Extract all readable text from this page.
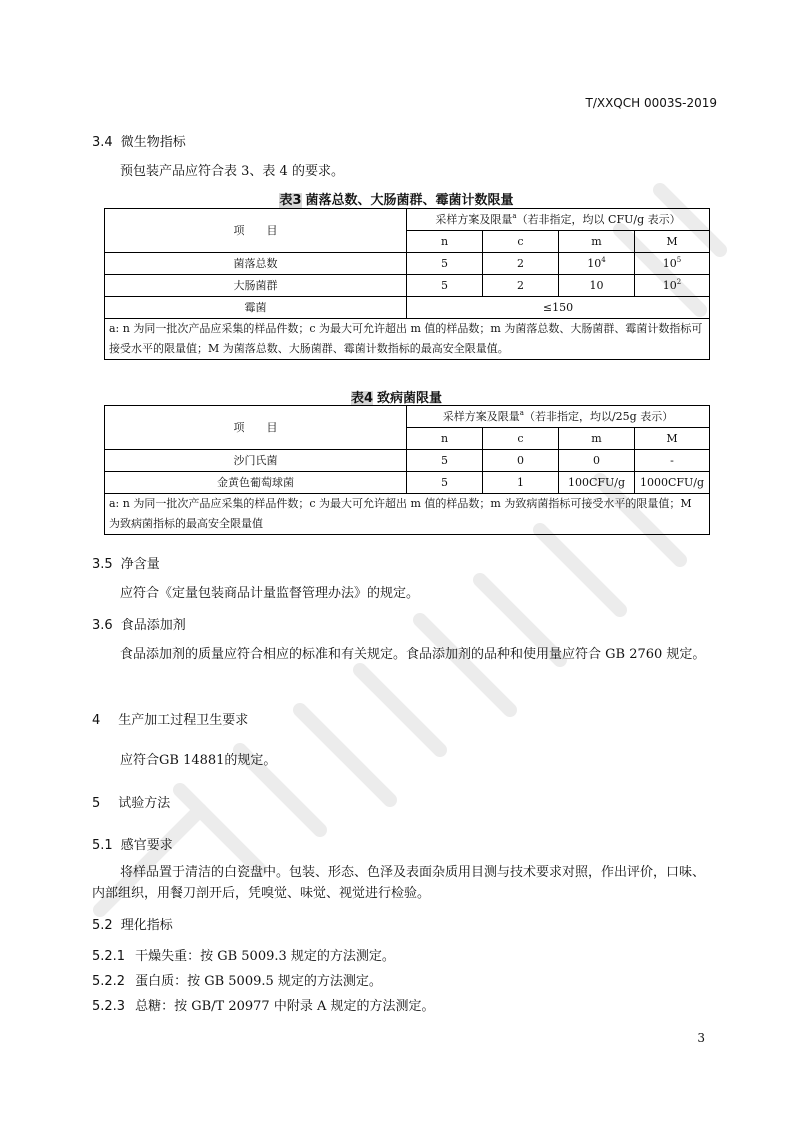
T/XXQCH 0003S-2019
3.4 微生物指标
预包装产品应符合表 3、表 4 的要求。
表3 菌落总数、大肠菌群、霉菌计数限量
项　　目	采样方案及限量$^a$（若非指定，均以 CFU/g 表示）			
	n	c	m	M
菌落总数	5	2	$10^4$	$10^5$
大肠菌群	5	2	10	$10^2$
霉菌	≤150			
a: n 为同一批次产品应采集的样品件数；c 为最大可允许超出 m 值的样品数；m 为菌落总数、大肠菌群、霉菌计数指标可接受水平的限量值；M 为菌落总数、大肠菌群、霉菌计数指标的最高安全限量值。				
表4 致病菌限量
项　　目	采样方案及限量$^a$（若非指定，均以/25g 表示）			
	n	c	m	M
沙门氏菌	5	0	0	-
金黄色葡萄球菌	5	1	100CFU/g	1000CFU/g
a: n 为同一批次产品应采集的样品件数；c 为最大可允许超出 m 值的样品数；m 为致病菌指标可接受水平的限量值；M 为致病菌指标的最高安全限量值				
3.5 净含量
应符合《定量包装商品计量监督管理办法》的规定。
3.6 食品添加剂
食品添加剂的质量应符合相应的标准和有关规定。食品添加剂的品种和使用量应符合 GB 2760 规定。
4 生产加工过程卫生要求
应符合GB 14881的规定。
5 试验方法
5.1 感官要求
将样品置于清洁的白瓷盘中。包装、形态、色泽及表面杂质用目测与技术要求对照，作出评价，口味、内部组织，用餐刀剖开后，凭嗅觉、味觉、视觉进行检验。
5.2 理化指标
5.2.1 干燥失重：按 GB 5009.3 规定的方法测定。
5.2.2 蛋白质：按 GB 5009.5 规定的方法测定。
5.2.3 总糖：按 GB/T 20977 中附录 A 规定的方法测定。
3
